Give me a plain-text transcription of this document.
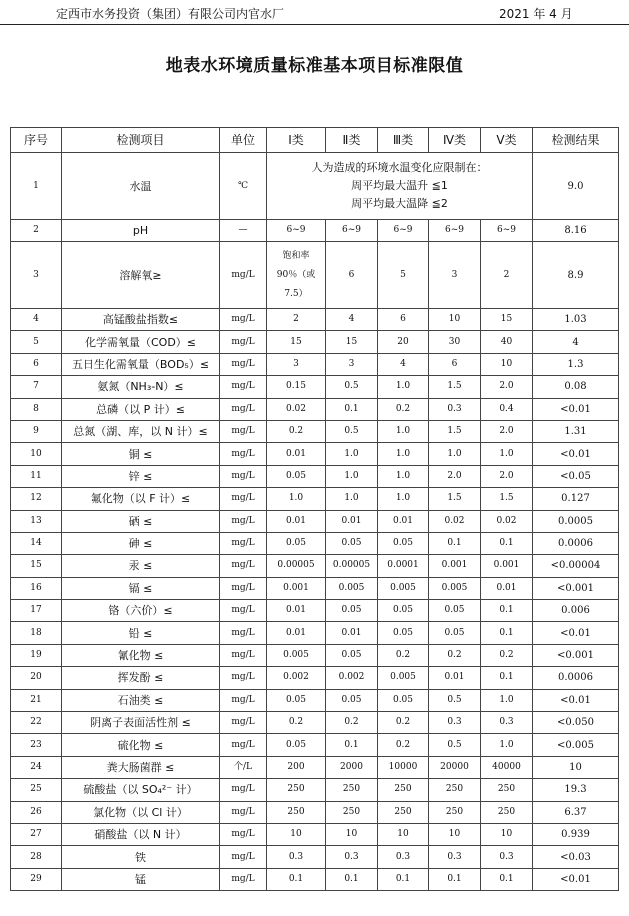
定西市水务投资（集团）有限公司内官水厂	2021 年 4 月
地表水环境质量标准基本项目标准限值
序号	检测项目	单位	Ⅰ类	Ⅱ类	Ⅲ类	Ⅳ类	Ⅴ类	检测结果
1	水温	℃	人为造成的环境水温变化应限制在：
周平均最大温升 ≦1
周平均最大温降 ≦2					9.0
2	pH	—	6~9	6~9	6~9	6~9	6~9	8.16
3	溶解氧≥	mg/L	饱和率
90％（或
7.5）	6	5	3	2	8.9
4	高锰酸盐指数≤	mg/L	2	4	6	10	15	1.03
5	化学需氧量（COD）≤	mg/L	15	15	20	30	40	4
6	五日生化需氧量（BOD₅）≤	mg/L	3	3	4	6	10	1.3
7	氨氮（NH₃-N）≤	mg/L	0.15	0.5	1.0	1.5	2.0	0.08
8	总磷（以 P 计）≤	mg/L	0.02	0.1	0.2	0.3	0.4	<0.01
9	总氮（湖、库，以 N 计）≤	mg/L	0.2	0.5	1.0	1.5	2.0	1.31
10	铜 ≤	mg/L	0.01	1.0	1.0	1.0	1.0	<0.01
11	锌 ≤	mg/L	0.05	1.0	1.0	2.0	2.0	<0.05
12	氟化物（以 F 计）≤	mg/L	1.0	1.0	1.0	1.5	1.5	0.127
13	硒 ≤	mg/L	0.01	0.01	0.01	0.02	0.02	0.0005
14	砷 ≤	mg/L	0.05	0.05	0.05	0.1	0.1	0.0006
15	汞 ≤	mg/L	0.00005	0.00005	0.0001	0.001	0.001	<0.00004
16	镉 ≤	mg/L	0.001	0.005	0.005	0.005	0.01	<0.001
17	铬（六价）≤	mg/L	0.01	0.05	0.05	0.05	0.1	0.006
18	铅 ≤	mg/L	0.01	0.01	0.05	0.05	0.1	<0.01
19	氰化物 ≤	mg/L	0.005	0.05	0.2	0.2	0.2	<0.001
20	挥发酚 ≤	mg/L	0.002	0.002	0.005	0.01	0.1	0.0006
21	石油类 ≤	mg/L	0.05	0.05	0.05	0.5	1.0	<0.01
22	阴离子表面活性剂 ≤	mg/L	0.2	0.2	0.2	0.3	0.3	<0.050
23	硫化物 ≤	mg/L	0.05	0.1	0.2	0.5	1.0	<0.005
24	粪大肠菌群 ≤	个/L	200	2000	10000	20000	40000	10
25	硫酸盐（以 SO₄²⁻ 计）	mg/L	250	250	250	250	250	19.3
26	氯化物（以 Cl 计）	mg/L	250	250	250	250	250	6.37
27	硝酸盐（以 N 计）	mg/L	10	10	10	10	10	0.939
28	铁	mg/L	0.3	0.3	0.3	0.3	0.3	<0.03
29	锰	mg/L	0.1	0.1	0.1	0.1	0.1	<0.01
